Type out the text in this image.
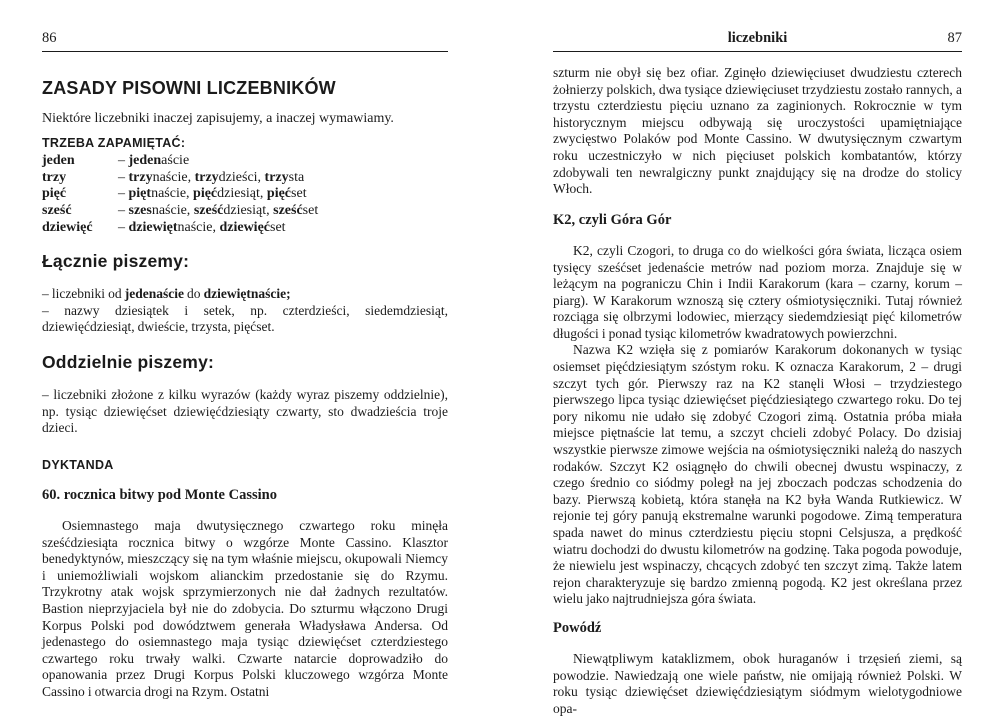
86
ZASADY PISOWNI LICZEBNIKÓW

Niektóre liczebniki inaczej zapisujemy, a inaczej wymawiamy.

TRZEBA ZAPAMIĘTAĆ:
jeden	– jedenaście
trzy	– trzynaście, trzydzieści, trzysta
pięć	– piętnaście, pięćdziesiąt, pięćset
sześć	– szesnaście, sześćdziesiąt, sześćset
dziewięć	– dziewiętnaście, dziewięćset
Łącznie piszemy:

– liczebniki od jedenaście do dziewiętnaście;

– nazwy dziesiątek i setek, np. czterdzieści, siedemdziesiąt, dziewięćdziesiąt, dwieście, trzysta, pięćset.

Oddzielnie piszemy:

– liczebniki złożone z kilku wyrazów (każdy wyraz piszemy oddzielnie), np. tysiąc dziewięćset dziewięćdziesiąty czwarty, sto dwadzieścia troje dzieci.

DYKTANDA
60. rocznica bitwy pod Monte Cassino

Osiemnastego maja dwutysięcznego czwartego roku minęła sześćdziesiąta rocznica bitwy o wzgórze Monte Cassino. Klasztor benedyktynów, mieszczący się na tym właśnie miejscu, okupowali Niemcy i uniemożliwiali wojskom alianckim przedostanie się do Rzymu. Trzykrotny atak wojsk sprzymierzonych nie dał żadnych rezultatów. Bastion nieprzyjaciela był nie do zdobycia. Do szturmu włączono Drugi Korpus Polski pod dowództwem generała Władysława Andersa. Od jedenastego do osiemnastego maja tysiąc dziewięćset czterdziestego czwartego roku trwały walki. Czwarte natarcie doprowadziło do opanowania przez Drugi Korpus Polski kluczowego wzgórza Monte Cassino i otwarcia drogi na Rzym. Ostatni

liczebniki	87

szturm nie obył się bez ofiar. Zginęło dziewięciuset dwudziestu czterech żołnierzy polskich, dwa tysiące dziewięciuset trzydziestu zostało rannych, a trzystu czterdziestu pięciu uznano za zaginionych. Rokrocznie w tym historycznym miejscu odbywają się uroczystości upamiętniające zwycięstwo Polaków pod Monte Cassino. W dwutysięcznym czwartym roku uczestniczyło w nich pięciuset polskich kombatantów, którzy zdobywali ten newralgiczny punkt znajdujący się na drodze do stolicy Włoch.

K2, czyli Góra Gór

K2, czyli Czogori, to druga co do wielkości góra świata, licząca osiem tysięcy sześćset jedenaście metrów nad poziom morza. Znajduje się w leżącym na pograniczu Chin i Indii Karakorum (kara – czarny, korum – piarg). W Karakorum wznoszą się cztery ośmiotysięczniki. Tutaj również rozciąga się olbrzymi lodowiec, mierzący siedemdziesiąt pięć kilometrów długości i ponad tysiąc kilometrów kwadratowych powierzchni.

Nazwa K2 wzięła się z pomiarów Karakorum dokonanych w tysiąc osiemset pięćdziesiątym szóstym roku. K oznacza Karakorum, 2 – drugi szczyt tych gór. Pierwszy raz na K2 stanęli Włosi – trzydziestego pierwszego lipca tysiąc dziewięćset pięćdziesiątego czwartego roku. Do tej pory nikomu nie udało się zdobyć Czogori zimą. Ostatnia próba miała miejsce piętnaście lat temu, a szczyt chcieli zdobyć Polacy. Do dzisiaj wszystkie pierwsze zimowe wejścia na ośmiotysięczniki należą do naszych rodaków. Szczyt K2 osiągnęło do chwili obecnej dwustu wspinaczy, z czego średnio co siódmy poległ na jej zboczach podczas schodzenia do bazy. Pierwszą kobietą, która stanęła na K2 była Wanda Rutkiewicz. W rejonie tej góry panują ekstremalne warunki pogodowe. Zimą temperatura spada nawet do minus czterdziestu pięciu stopni Celsjusza, a prędkość wiatru dochodzi do dwustu kilometrów na godzinę. Taka pogoda powoduje, że niewielu jest wspinaczy, chcących zdobyć ten szczyt zimą. Także latem rejon charakteryzuje się bardzo zmienną pogodą. K2 jest określana przez wielu jako najtrudniejsza góra świata.

Powódź

Niewątpliwym kataklizmem, obok huraganów i trzęsień ziemi, są powodzie. Nawiedzają one wiele państw, nie omijają również Polski. W roku tysiąc dziewięćset dziewięćdziesiątym siódmym wielotygodniowe opa-
